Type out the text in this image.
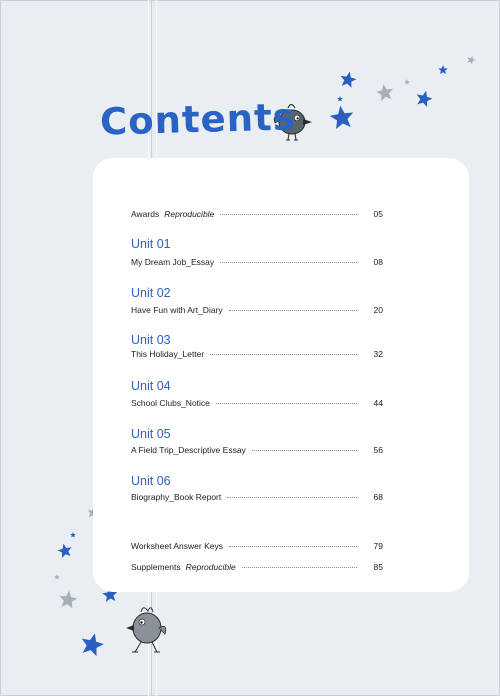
Contents
Awards Reproducible	05
Unit 01
My Dream Job_Essay	08
Unit 02
Have Fun with Art_Diary	20
Unit 03
This Holiday_Letter	32
Unit 04
School Clubs_Notice	44
Unit 05
A Field Trip_Descriptive Essay	56
Unit 06
Biography_Book Report	68
Worksheet Answer Keys	79
Supplements Reproducible	85
